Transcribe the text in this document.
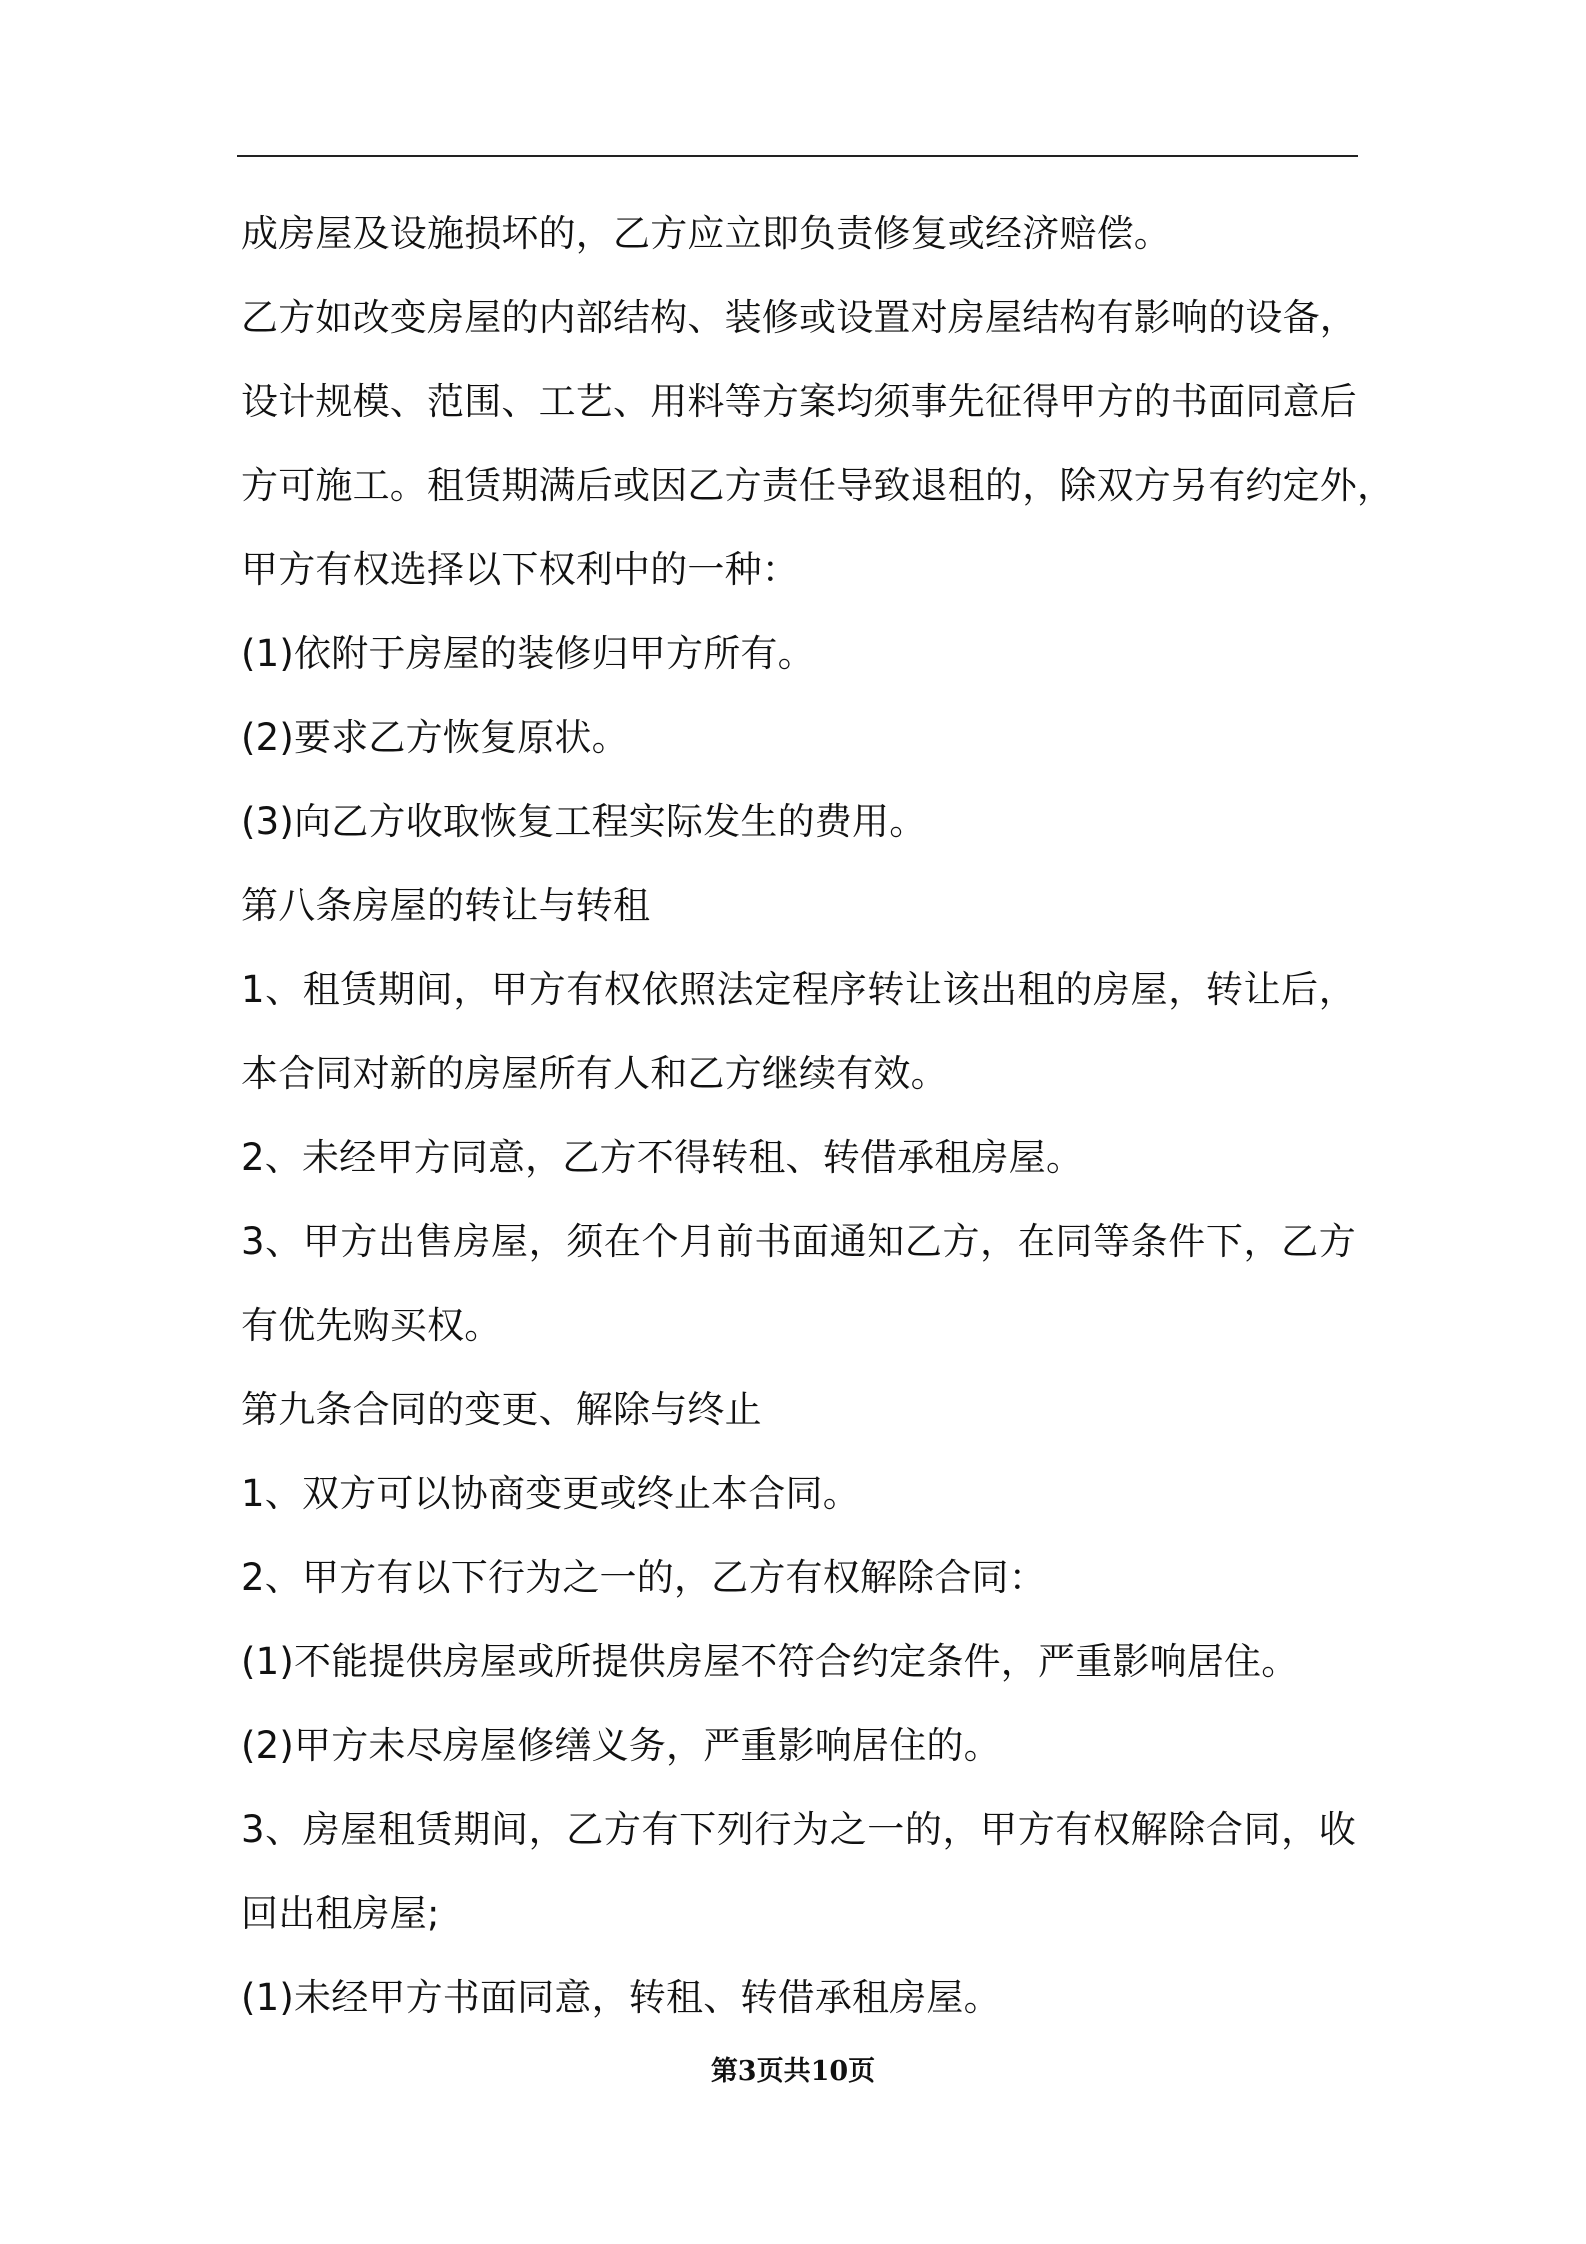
成房屋及设施损坏的，乙方应立即负责修复或经济赔偿。
乙方如改变房屋的内部结构、装修或设置对房屋结构有影响的设备，
设计规模、范围、工艺、用料等方案均须事先征得甲方的书面同意后
方可施工。租赁期满后或因乙方责任导致退租的，除双方另有约定外，
甲方有权选择以下权利中的一种：
(1)依附于房屋的装修归甲方所有。
(2)要求乙方恢复原状。
(3)向乙方收取恢复工程实际发生的费用。
第八条房屋的转让与转租
1、租赁期间，甲方有权依照法定程序转让该出租的房屋，转让后，
本合同对新的房屋所有人和乙方继续有效。
2、未经甲方同意，乙方不得转租、转借承租房屋。
3、甲方出售房屋，须在个月前书面通知乙方，在同等条件下，乙方
有优先购买权。
第九条合同的变更、解除与终止
1、双方可以协商变更或终止本合同。
2、甲方有以下行为之一的，乙方有权解除合同：
(1)不能提供房屋或所提供房屋不符合约定条件，严重影响居住。
(2)甲方未尽房屋修缮义务，严重影响居住的。
3、房屋租赁期间，乙方有下列行为之一的，甲方有权解除合同，收
回出租房屋;
(1)未经甲方书面同意，转租、转借承租房屋。
第3页共10页
